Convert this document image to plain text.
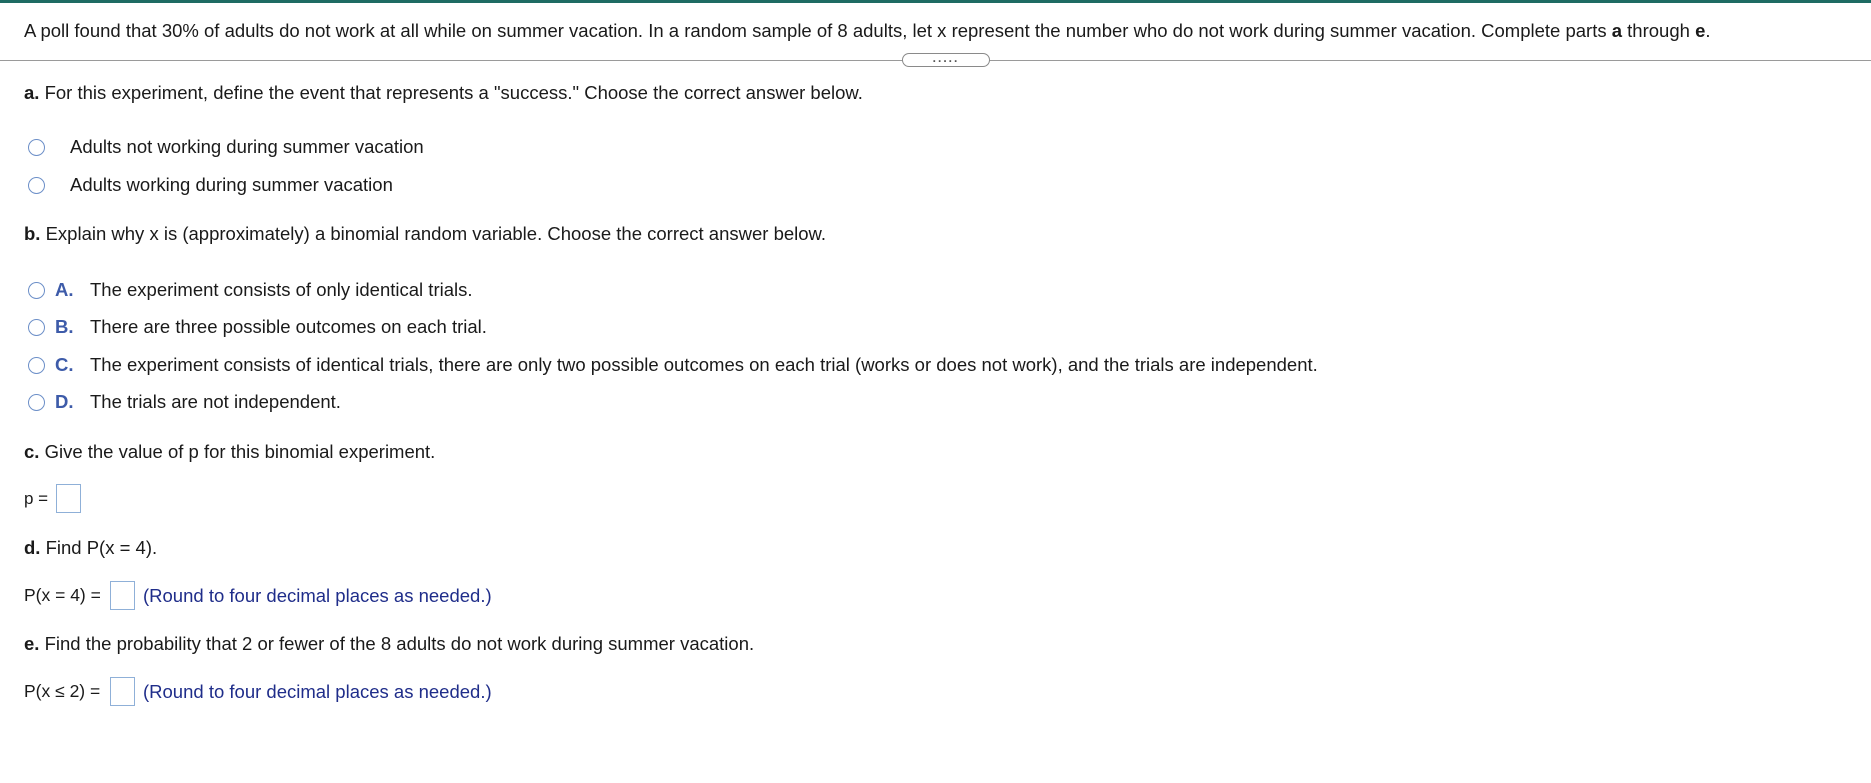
A poll found that 30% of adults do not work at all while on summer vacation. In a random sample of 8 adults, let x represent the number who do not work during summer vacation. Complete parts a through e.
.....
a. For this experiment, define the event that represents a "success." Choose the correct answer below.
Adults not working during summer vacation
Adults working during summer vacation
b. Explain why x is (approximately) a binomial random variable. Choose the correct answer below.
A. The experiment consists of only identical trials.
B. There are three possible outcomes on each trial.
C. The experiment consists of identical trials, there are only two possible outcomes on each trial (works or does not work), and the trials are independent.
D. The trials are not independent.
c. Give the value of p for this binomial experiment.
p =
d. Find P(x = 4).
P(x = 4) = (Round to four decimal places as needed.)
e. Find the probability that 2 or fewer of the 8 adults do not work during summer vacation.
P(x ≤ 2) = (Round to four decimal places as needed.)
